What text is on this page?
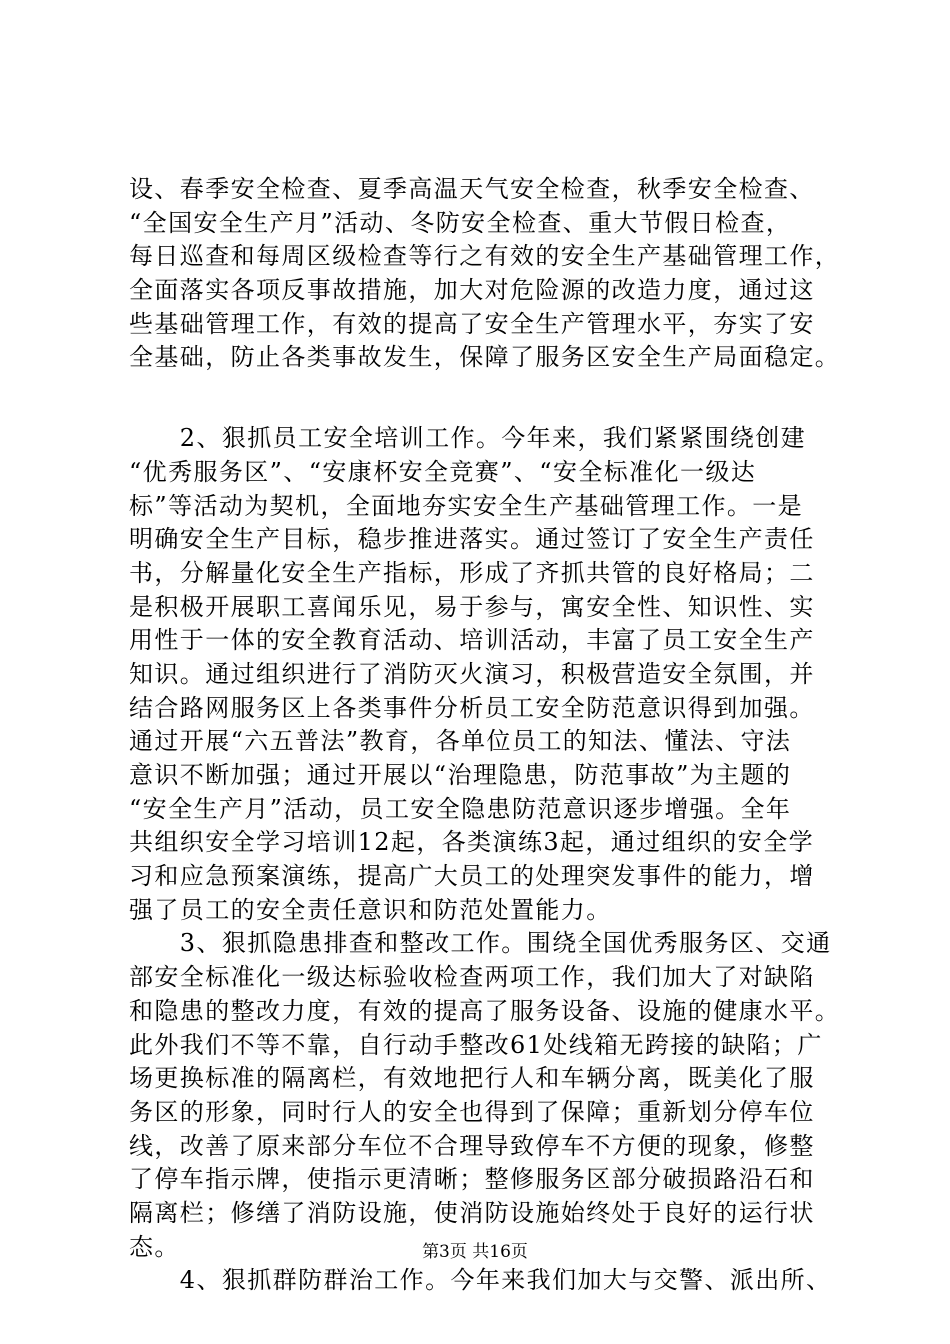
设、春季安全检查、夏季高温天气安全检查，秋季安全检查、
“全国安全生产月”活动、冬防安全检查、重大节假日检查，
每日巡查和每周区级检查等行之有效的安全生产基础管理工作，
全面落实各项反事故措施，加大对危险源的改造力度，通过这
些基础管理工作，有效的提高了安全生产管理水平，夯实了安
全基础，防止各类事故发生，保障了服务区安全生产局面稳定。
　　2、狠抓员工安全培训工作。今年来，我们紧紧围绕创建
“优秀服务区”、“安康杯安全竞赛”、“安全标准化一级达
标”等活动为契机，全面地夯实安全生产基础管理工作。一是
明确安全生产目标，稳步推进落实。通过签订了安全生产责任
书，分解量化安全生产指标，形成了齐抓共管的良好格局；二
是积极开展职工喜闻乐见，易于参与，寓安全性、知识性、实
用性于一体的安全教育活动、培训活动，丰富了员工安全生产
知识。通过组织进行了消防灭火演习，积极营造安全氛围，并
结合路网服务区上各类事件分析员工安全防范意识得到加强。
通过开展“六五普法”教育，各单位员工的知法、懂法、守法
意识不断加强；通过开展以“治理隐患，防范事故”为主题的
“安全生产月”活动，员工安全隐患防范意识逐步增强。全年
共组织安全学习培训12起，各类演练3起，通过组织的安全学
习和应急预案演练，提高广大员工的处理突发事件的能力，增
强了员工的安全责任意识和防范处置能力。
　　3、狠抓隐患排查和整改工作。围绕全国优秀服务区、交通
部安全标准化一级达标验收检查两项工作，我们加大了对缺陷
和隐患的整改力度，有效的提高了服务设备、设施的健康水平。
此外我们不等不靠，自行动手整改61处线箱无跨接的缺陷；广
场更换标准的隔离栏，有效地把行人和车辆分离，既美化了服
务区的形象，同时行人的安全也得到了保障；重新划分停车位
线，改善了原来部分车位不合理导致停车不方便的现象，修整
了停车指示牌，使指示更清晰；整修服务区部分破损路沿石和
隔离栏；修缮了消防设施，使消防设施始终处于良好的运行状
态。
　　4、狠抓群防群治工作。今年来我们加大与交警、派出所、
第3页 共16页
